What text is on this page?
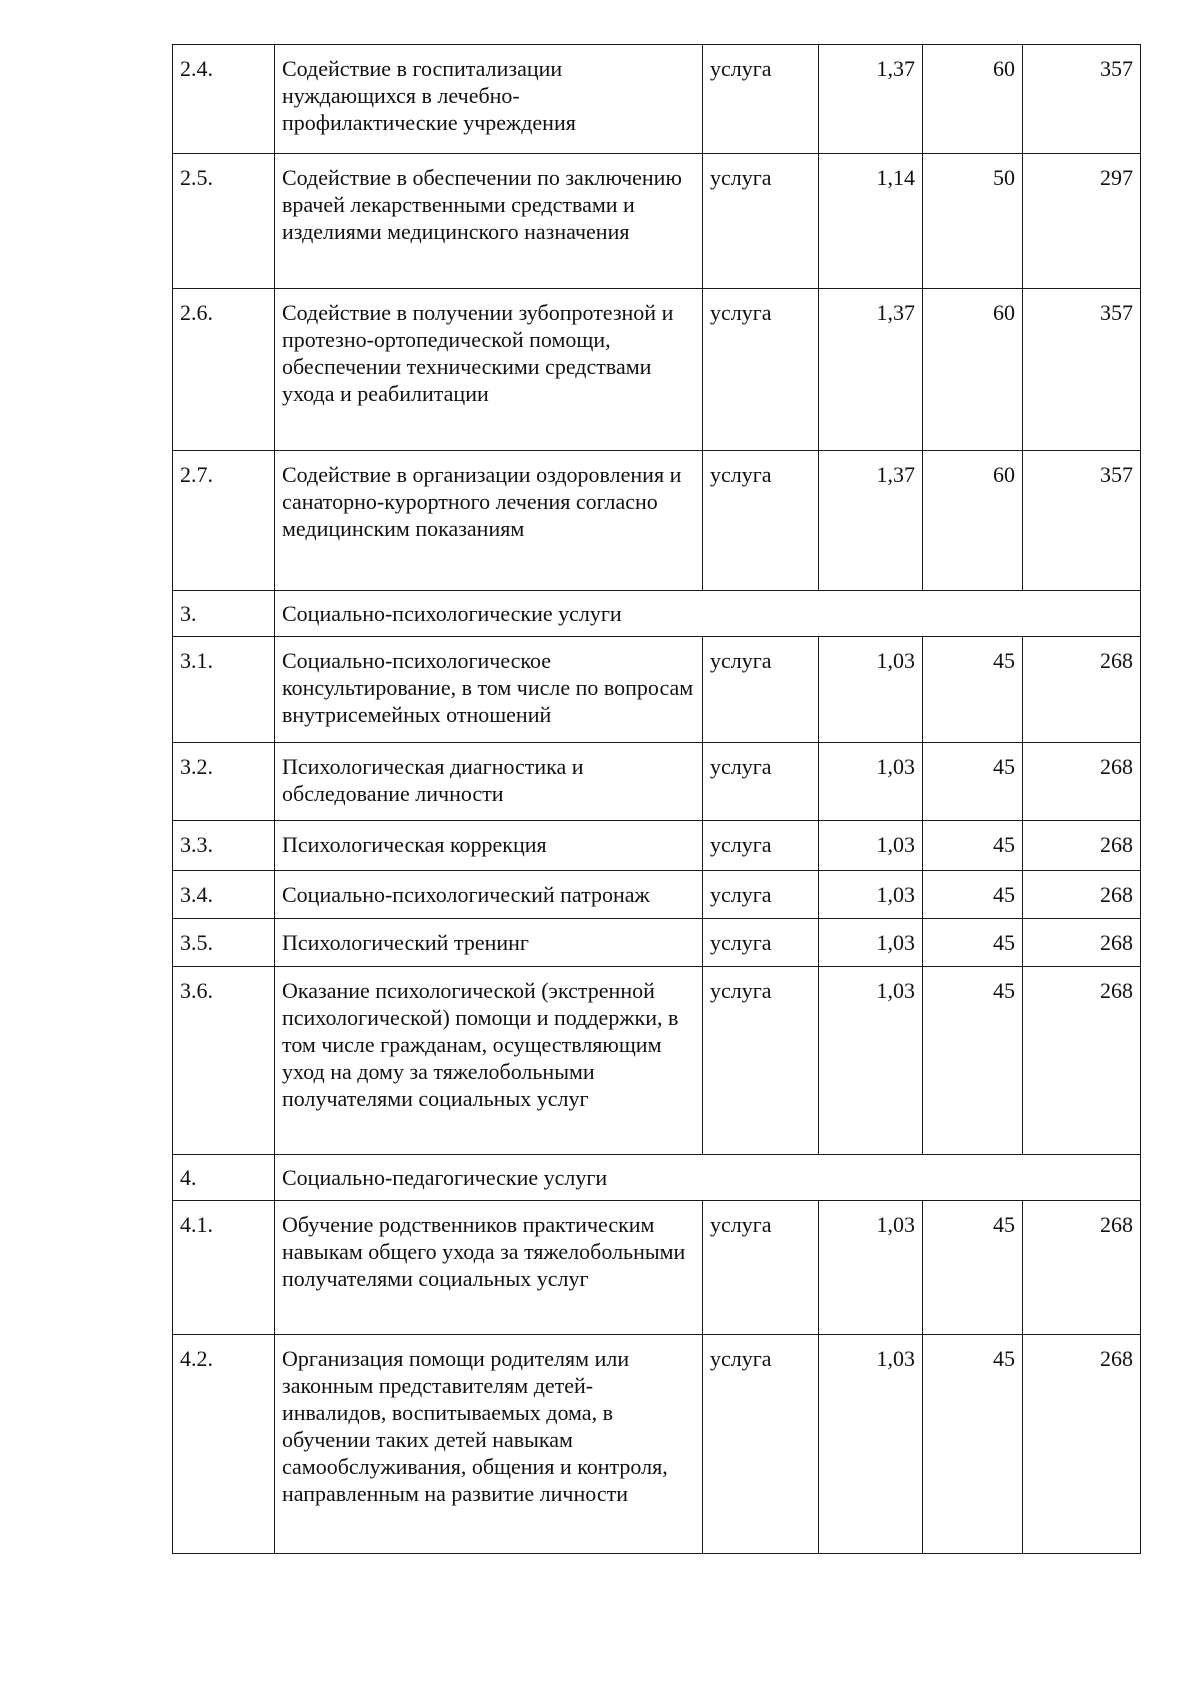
2.4.	Содействие в госпитализации нуждающихся в лечебно-профилактические учреждения	услуга	1,37	60	357
2.5.	Содействие в обеспечении по заключению врачей лекарственными средствами и изделиями медицинского назначения	услуга	1,14	50	297
2.6.	Содействие в получении зубопротезной и протезно-ортопедической помощи, обеспечении техническими средствами ухода и реабилитации	услуга	1,37	60	357
2.7.	Содействие в организации оздоровления и санаторно-курортного лечения согласно медицинским показаниям	услуга	1,37	60	357
3.	Социально-психологические услуги				
3.1.	Социально-психологическое консультирование, в том числе по вопросам внутрисемейных отношений	услуга	1,03	45	268
3.2.	Психологическая диагностика и обследование личности	услуга	1,03	45	268
3.3.	Психологическая коррекция	услуга	1,03	45	268
3.4.	Социально-психологический патронаж	услуга	1,03	45	268
3.5.	Психологический тренинг	услуга	1,03	45	268
3.6.	Оказание психологической (экстренной психологической) помощи и поддержки, в том числе гражданам, осуществляющим уход на дому за тяжелобольными получателями социальных услуг	услуга	1,03	45	268
4.	Социально-педагогические услуги				
4.1.	Обучение родственников практическим навыкам общего ухода за тяжелобольными получателями социальных услуг	услуга	1,03	45	268
4.2.	Организация помощи родителям или законным представителям детей-инвалидов, воспитываемых дома, в обучении таких детей навыкам самообслуживания, общения и контроля, направленным на развитие личности	услуга	1,03	45	268
